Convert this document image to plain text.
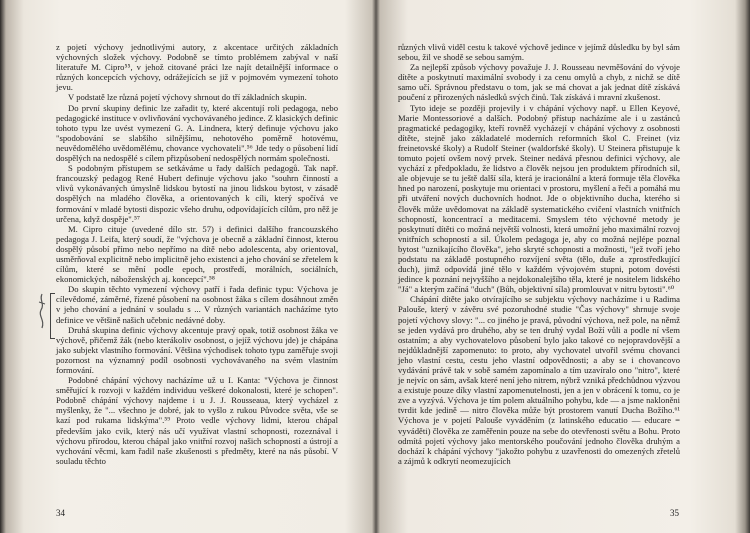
z pojetí výchovy jednotlivými autory, z akcentace určitých základních výchovných složek výchovy. Podobně se tímto problémem zabýval v naší literatuře M. Cipro⁵⁵, v jehož citované práci lze najít detailnější informace o různých koncepcích výchovy, odrážejících se již v pojmovém vymezení tohoto jevu.

V podstatě lze různá pojetí výchovy shrnout do tří základních skupin.

Do první skupiny definic lze zařadit ty, které akcentují roli pedagoga, nebo pedagogické instituce v ovlivňování vychovávaného jedince. Z klasických definic tohoto typu lze uvést vymezení G. A. Lindnera, který definuje výchovu jako "spodobování se slabšího silnějšímu, nehotového poměrně hotovému, neuvědomělého uvědomělému, chovance vychovateli".⁵⁶ Jde tedy o působení lidí dospělých na nedospělé s cílem přizpůsobení nedospělých normám společnosti.

S podobným přístupem se setkáváme u řady dalších pedagogů. Tak např. francouzský pedagog René Hubert definuje výchovu jako "souhrn činností a vlivů vykonávaných úmyslně lidskou bytostí na jinou lidskou bytost, v zásadě dospělých na mladého člověka, a orientovaných k cíli, který spočívá ve formování v mladé bytosti dispozic všeho druhu, odpovídajících cílům, pro něž je určena, když dospěje".⁵⁷

M. Cipro cituje (uvedené dílo str. 57) i definici dalšího francouzského pedagoga J. Leifa, který soudí, že "výchova je obecně a základní činnost, kterou dospělý působí přímo nebo nepřímo na dítě nebo adolescenta, aby orientoval, usměrňoval explicitně nebo implicitně jeho existenci a jeho chování se zřetelem k cílům, které se mění podle epoch, prostředí, morálních, sociálních, ekonomických, náboženských aj. koncepcí".⁵⁸

Do skupin těchto vymezení výchovy patří i řada definic typu: Výchova je cílevědomé, záměrné, řízené působení na osobnost žáka s cílem dosáhnout změn v jeho chování a jednání v souladu s ... V různých variantách nacházíme tyto definice ve většině našich učebnic nedávné doby.

Druhá skupina definic výchovy akcentuje pravý opak, totiž osobnost žáka ve výchově, přičemž žák (nebo kterákoliv osobnost, o jejíž výchovu jde) je chápána jako subjekt vlastního formování. Většina východisek tohoto typu zaměřuje svoji pozornost na významný podíl osobnosti vychovávaného na svém vlastním formování.

Podobné chápání výchovy nacházíme už u I. Kanta: "Výchova je činnost směřující k rozvoji v každém individuu veškeré dokonalosti, které je schopen". Podobně chápání výchovy najdeme i u J. J. Rousseaua, který vycházel z myšlenky, že "... všechno je dobré, jak to vyšlo z rukou Původce světa, vše se kazí pod rukama lidskýma".⁵⁹ Proto vedle výchovy lidmi, kterou chápal především jako cvik, který nás učí využívat vlastní schopnosti, rozeznával i výchovu přírodou, kterou chápal jako vnitřní rozvoj našich schopností a ústrojí a vychování věcmi, kam řadil naše zkušenosti s předměty, které na nás působí. V souladu těchto

34

různých vlivů viděl cestu k takové výchově jedince v jejímž důsledku by byl sám sebou, žil ve shodě se sebou samým.

Za nejlepší způsob výchovy považuje J. J. Rousseau nevměšování do vývoje dítěte a poskytnutí maximální svobody i za cenu omylů a chyb, z nichž se dítě samo učí. Správnou představu o tom, jak se má chovat a jak jednat dítě získává poučení z přirozených následků svých činů. Tak získává i mravní zkušenost.

Tyto ideje se později projevily i v chápání výchovy např. u Ellen Keyové, Marie Montessoriové a dalších. Podobný přístup nacházíme ale i u zastánců pragmatické pedagogiky, kteří rovněž vycházejí v chápání výchovy z osobnosti dítěte, stejně jako základatelé moderních reformních škol C. Freinet (viz freinetovské školy) a Rudolf Steiner (waldorfské školy). U Steinera přistupuje k tomuto pojetí ovšem nový prvek. Steiner nedává přesnou definici výchovy, ale vychází z předpokladu, že lidstvo a člověk nejsou jen produktem přírodních sil, ale objevuje se tu ještě další síla, která je iracionální a která formuje těla člověka hned po narození, poskytuje mu orientaci v prostoru, myšlení a řeči a pomáhá mu při utváření nových duchovních hodnot. Jde o objektivního ducha, kterého si člověk může uvědomovat na základě systematického cvičení vlastních vnitřních schopností, koncentrací a meditacemi. Smyslem této výchovné metody je poskytnutí dítěti co možná největší volnosti, která umožní jeho maximální rozvoj vnitřních schopností a sil. Úkolem pedagoga je, aby co možná nejlépe poznal bytost "uznikajícího člověka", jeho skryté schopnosti a možnosti, "jež tvoří jeho podstatu na základě postupného rozvíjení světa (tělo, duše a zprostředkující duch), jimž odpovídá jiné tělo v každém vývojovém stupni, potom dovésti jedince k poznání nejvyššího a nejdokonalejšího těla, které je nositelem lidského "Já" a kterým začíná "duch" (Bůh, objektivní síla) promlouvat v nitru bytosti".⁶⁰

Chápání dítěte jako otvírajícího se subjektu výchovy nacházíme i u Radima Palouše, který v závěru své pozoruhodné studie "Čas výchovy" shrnuje svoje pojetí výchovy slovy: "... co jiného je pravá, původní výchova, než pole, na němž se jeden vydává pro druhého, aby se ten druhý vydal Boží vůli a podle ní všem ostatním; a aby vychovatelovo působení bylo jako takové co nejopravdovější a nejdůkladnější zapomenuto: to proto, aby vychovatel utvořil svému chovanci jeho vlastní cestu, cestu jeho vlastní odpovědnosti; a aby se i chovancovo vydávání právě tak v sobě samém zapomínalo a tím uzavíralo ono "nitro", které je nejvíc on sám, avšak které není jeho nitrem, nýbrž vzniká předchůdnou výzvou a existuje pouze díky vlastní zapomenutelnosti, jen a jen v obrácení k tomu, co je zve a vyzývá. Výchova je tím polem aktuálního pohybu, kde — a jsme nakloněni tvrdit kde jedině — nitro člověka může být prostorem vanutí Ducha Božího.⁶¹ Výchova je v pojetí Palouše vyváděním (z latinského educatio — educare = vyváděti) člověka ze zaměřenin pouze na sebe do otevřenosti světu a Bohu. Proto odmítá pojetí výchovy jako mentorského poučování jednoho člověka druhým a dochází k chápání výchovy "jakožto pohybu z uzavřenosti do omezených zřetelů a zájmů k odkrytí neomezujících

35
